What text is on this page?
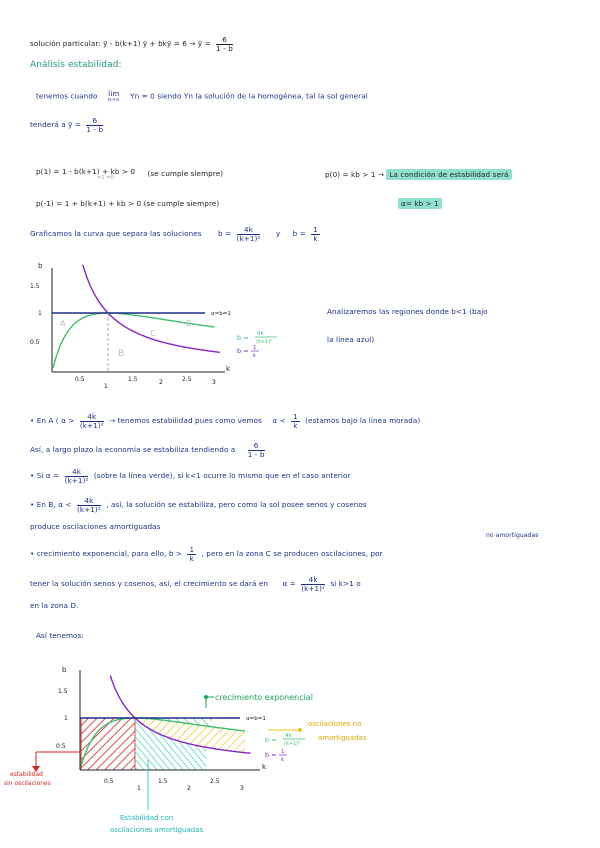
solución particular: ȳ - b(k+1) ȳ + bkȳ = 6 ⇝ ȳ = $\frac{6}{1 - b}$
Análisis estabilidad:
tenemos cuando lim
n→∞ Yn = 0 siendo Yn la solución de la homogénea, tal la sol general
tenderá a ȳ = $\frac{6}{1 - b}$
p(1) = 1 - b(k+1) + kb > 0
=1 =0	(se cumple siempre)	p(0) = kb > 1 → La condición de estabilidad será
p(-1) = 1 + b(k+1) + kb > 0 (se cumple siempre)	α= kb > 1
Graficamos la curva que separa las soluciones $b = \frac{4k}{\text{(k+1)²}}$ y $b = \frac{1}{k}$
Analizaremos las regiones donde b<1 (bajo
la línea azul)
• En A ( $\alpha > \frac{4k}{\text{(k+1)²}}$ → tenemos estabilidad pues como vemos $\alpha < \frac{1}{k}$ (estamos bajo la línea morada)
Así, a largo plazo la economía se estabiliza tendiendo a $\frac{6}{1 - b}$
• Si $\alpha = \frac{4k}{\text{(k+1)²}}$ (sobre la línea verde), si k<1 ocurre lo mismo que en el caso anterior
• En B, $\alpha < \frac{4k}{\text{(k+1)²}}$ , así, la solución se estabiliza, pero como la sol posee senos y cosenos
produce oscilaciones amortiguadas
no amortiguadas
• crecimiento exponencial, para ello, $b > \frac{1}{k}$ , pero en la zona C se producen oscilaciones, por
tener la solución senos y cosenos, así, el crecimiento se dará en $\alpha = \frac{4k}{\text{(k+1)²}}$ si k>1 o
en la zona D.
Así tenemos:
b
k
1.5
1
0.5
0.5
1
1.5	2	2.5	3
A
B
C
D
α=b=1
b = 4k
(k+1)²
b = 1
k
b
k
1.5
1
0.5
0.5
1
1.5
2
2.5
3
α=b=1
b = 4k
(k+1)²
b = 1
k
crecimiento exponencial
oscilaciones no
amortiguadas
estabilidad
sin oscilaciones
Estabilidad con
oscilaciones amortiguadas
